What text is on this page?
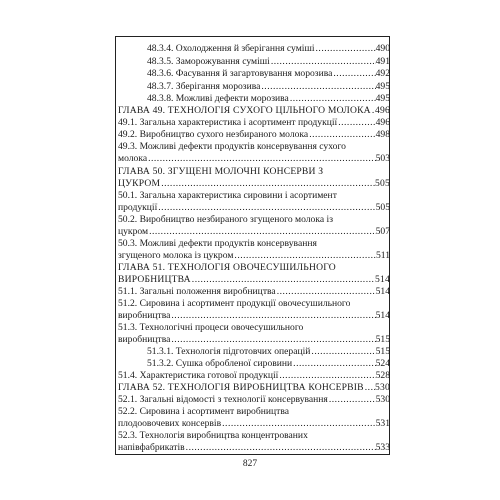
48.3.4. Охолодження й зберігання суміші .....	490
48.3.5. Заморожування суміші .....	491
48.3.6. Фасування й загартовування морозива .....	492
48.3.7. Зберігання морозива .....	495
48.3.8. Можливі дефекти морозива .....	495
ГЛАВА 49. ТЕХНОЛОГІЯ СУХОГО ЦІЛЬНОГО МОЛОКА ..... 496
49.1. Загальна характеристика і асортимент продукції .....	496
49.2. Виробництво сухого незбираного молока .....	498
49.3. Можливі дефекти продуктів консервування сухого
молока .....	503
ГЛАВА 50. ЗГУЩЕНІ МОЛОЧНІ КОНСЕРВИ З
ЦУКРОМ .....	505
50.1. Загальна характеристика сировини і асортимент
продукції .....	505
50.2. Виробництво незбираного згущеного молока із
цукром .....	507
50.3. Можливі дефекти продуктів консервування
згущеного молока із цукром .....	511
ГЛАВА 51. ТЕХНОЛОГІЯ ОВОЧЕСУШИЛЬНОГО
ВИРОБНИЦТВА .....	514
51.1. Загальні положення виробництва .....	514
51.2. Сировина і асортимент продукції овочесушильного
виробництва .....	514
51.3. Технологічні процеси овочесушильного
виробництва .....	515
51.3.1. Технологія підготовчих операцій .....	515
51.3.2. Сушка обробленої сировини .....	524
51.4. Характеристика готової продукції .....	528
ГЛАВА 52. ТЕХНОЛОГІЯ ВИРОБНИЦТВА КОНСЕРВІВ ..... 530
52.1. Загальні відомості з технології консервування .....	530
52.2. Сировина і асортимент виробництва
плодоовочевих консервів .....	531
52.3. Технологія виробництва концентрованих
напівфабрикатів .....	533
827
